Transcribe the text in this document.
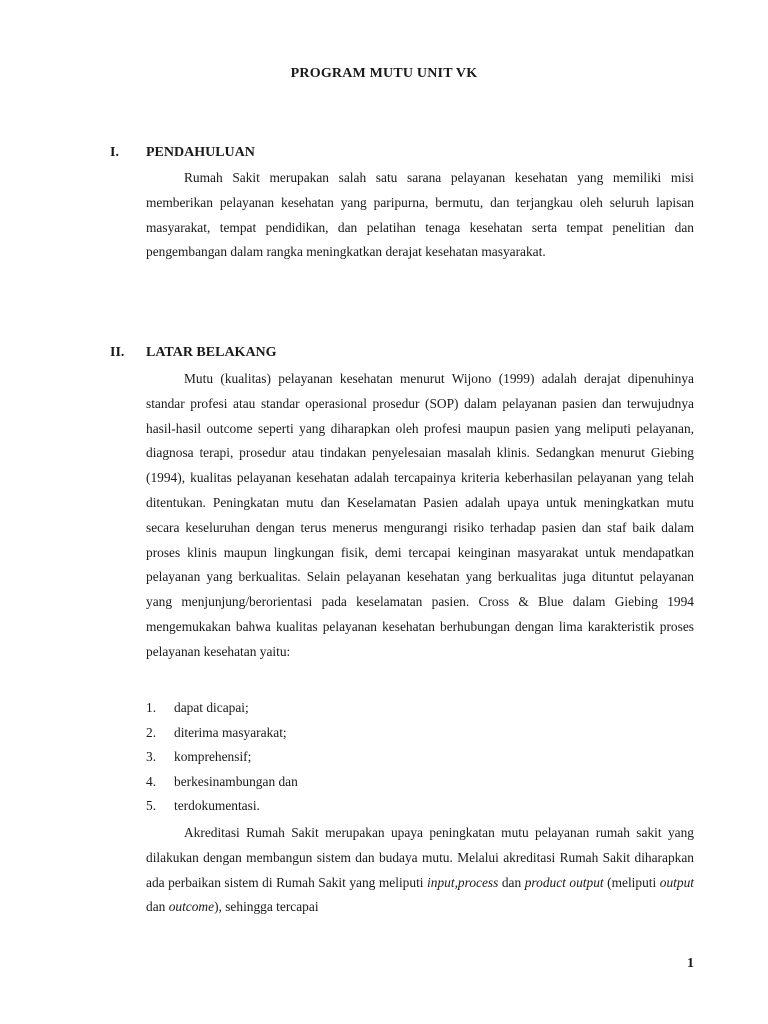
PROGRAM MUTU UNIT VK
I. PENDAHULUAN

Rumah Sakit merupakan salah satu sarana pelayanan kesehatan yang memiliki misi memberikan pelayanan kesehatan yang paripurna, bermutu, dan terjangkau oleh seluruh lapisan masyarakat, tempat pendidikan, dan pelatihan tenaga kesehatan serta tempat penelitian dan pengembangan dalam rangka meningkatkan derajat kesehatan masyarakat.

II. LATAR BELAKANG

Mutu (kualitas) pelayanan kesehatan menurut Wijono (1999) adalah derajat dipenuhinya standar profesi atau standar operasional prosedur (SOP) dalam pelayanan pasien dan terwujudnya hasil-hasil outcome seperti yang diharapkan oleh profesi maupun pasien yang meliputi pelayanan, diagnosa terapi, prosedur atau tindakan penyelesaian masalah klinis. Sedangkan menurut Giebing (1994), kualitas pelayanan kesehatan adalah tercapainya kriteria keberhasilan pelayanan yang telah ditentukan. Peningkatan mutu dan Keselamatan Pasien adalah upaya untuk meningkatkan mutu secara keseluruhan dengan terus menerus mengurangi risiko terhadap pasien dan staf baik dalam proses klinis maupun lingkungan fisik, demi tercapai keinginan masyarakat untuk mendapatkan pelayanan yang berkualitas. Selain pelayanan kesehatan yang berkualitas juga dituntut pelayanan yang menjunjung/berorientasi pada keselamatan pasien. Cross & Blue dalam Giebing 1994 mengemukakan bahwa kualitas pelayanan kesehatan berhubungan dengan lima karakteristik proses pelayanan kesehatan yaitu:

1. dapat dicapai;
2. diterima masyarakat;
3. komprehensif;
4. berkesinambungan dan
5. terdokumentasi.

Akreditasi Rumah Sakit merupakan upaya peningkatan mutu pelayanan rumah sakit yang dilakukan dengan membangun sistem dan budaya mutu. Melalui akreditasi Rumah Sakit diharapkan ada perbaikan sistem di Rumah Sakit yang meliputi input,process dan product output (meliputi output dan outcome), sehingga tercapai

1
